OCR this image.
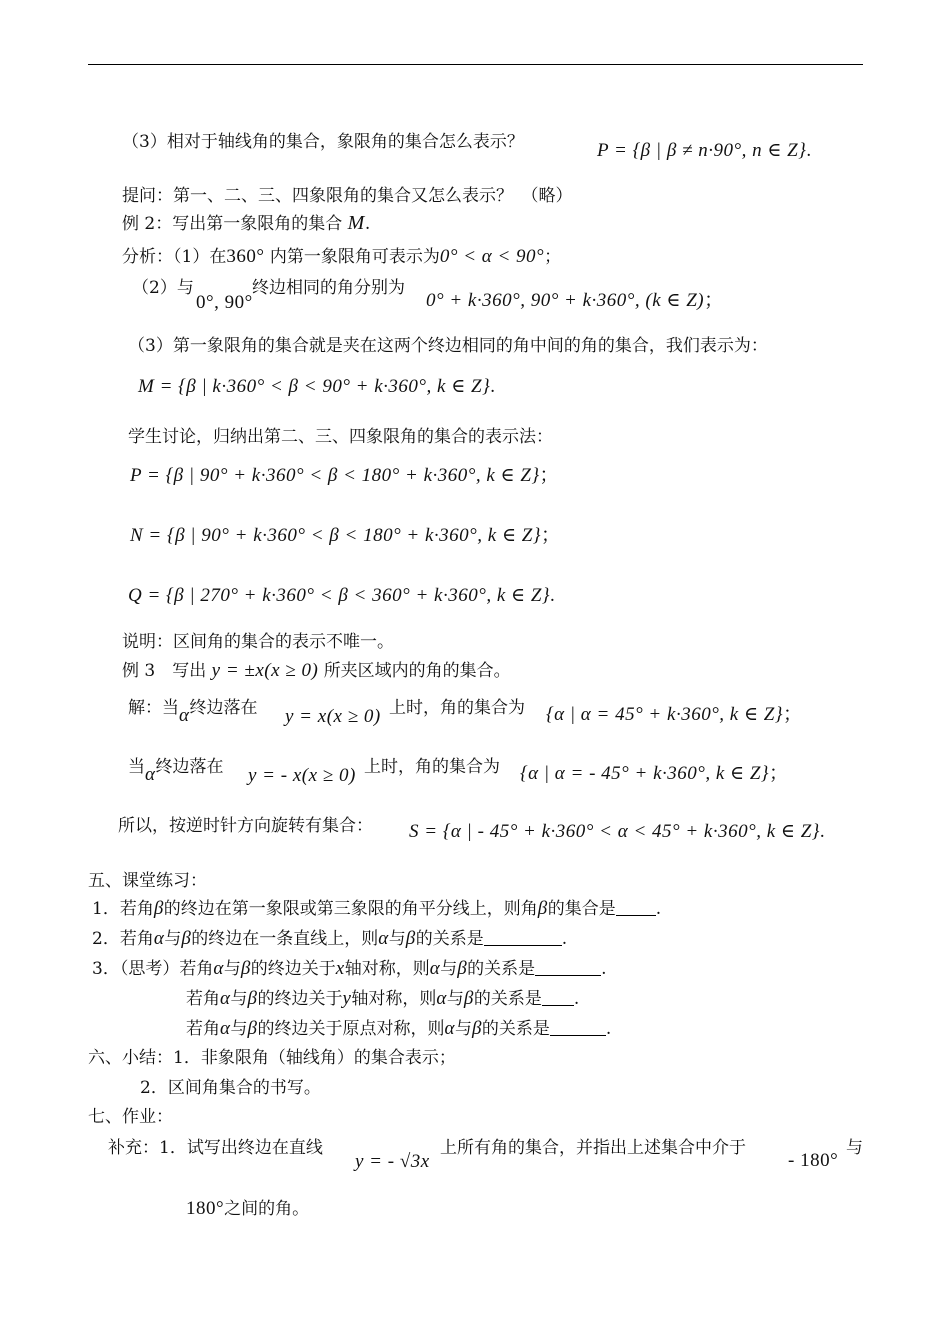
（3）相对于轴线角的集合，象限角的集合怎么表示？	P = {β | β ≠ n·90°, n ∈ Z}.
提问：第一、二、三、四象限角的集合又怎么表示？　（略）
例 2：写出第一象限角的集合 M.
分析：（1）在360° 内第一象限角可表示为0° < α < 90°；
（2）与
0°, 90°
终边相同的角分别为
0° + k·360°, 90° + k·360°, (k ∈ Z)；
（3）第一象限角的集合就是夹在这两个终边相同的角中间的角的集合，我们表示为：
M = {β | k·360° < β < 90° + k·360°, k ∈ Z}.
学生讨论，归纳出第二、三、四象限角的集合的表示法：
P = {β | 90° + k·360° < β < 180° + k·360°, k ∈ Z}；
N = {β | 90° + k·360° < β < 180° + k·360°, k ∈ Z}；
Q = {β | 270° + k·360° < β < 360° + k·360°, k ∈ Z}.
说明：区间角的集合的表示不唯一。
例 3　写出 y = ±x(x ≥ 0) 所夹区域内的角的集合。
解：当α终边落在 y = x(x ≥ 0) 上时，角的集合为 {α | α = 45° + k·360°, k ∈ Z}；
当α终边落在 y = - x(x ≥ 0) 上时，角的集合为 {α | α = - 45° + k·360°, k ∈ Z}；
所以，按逆时针方向旋转有集合： S = {α | - 45° + k·360° < α < 45° + k·360°, k ∈ Z}.
五、课堂练习：
1．若角β的终边在第一象限或第三象限的角平分线上，则角β的集合是 .
2．若角α与β的终边在一条直线上，则α与β的关系是	.
3．（思考）若角α与β的终边关于x轴对称，则α与β的关系是	.
若角α与β的终边关于y轴对称，则α与β的关系是 .
若角α与β的终边关于原点对称，则α与β的关系是	.
六、小结：1．非象限角（轴线角）的集合表示；
2．区间角集合的书写。
七、作业：
补充：1．试写出终边在直线
y = - √3x
上所有角的集合，并指出上述集合中介于
- 180°
与
180°之间的角。
